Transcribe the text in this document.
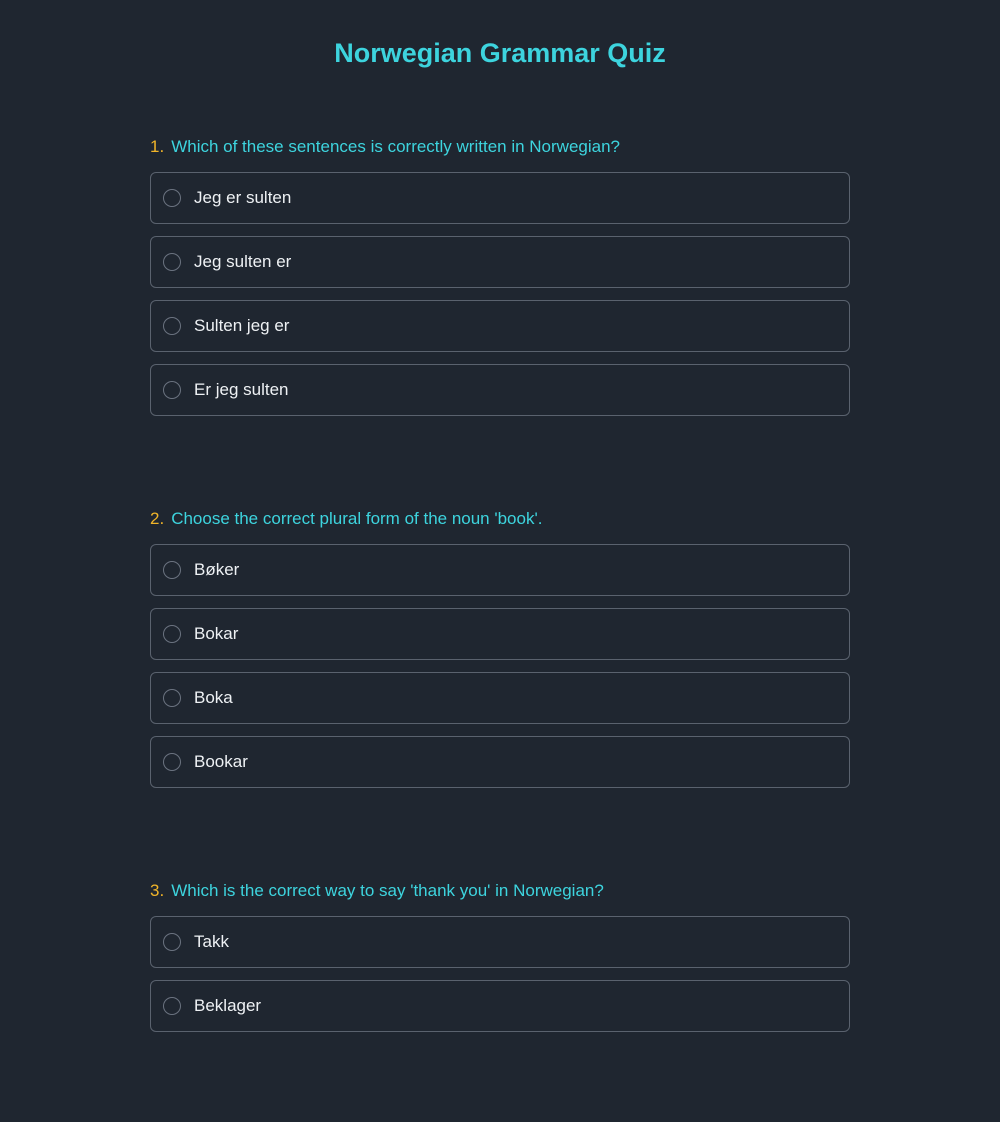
Norwegian Grammar Quiz
1. Which of these sentences is correctly written in Norwegian?
Jeg er sulten
Jeg sulten er
Sulten jeg er
Er jeg sulten
2. Choose the correct plural form of the noun 'book'.
Bøker
Bokar
Boka
Bookar
3. Which is the correct way to say 'thank you' in Norwegian?
Takk
Beklager
